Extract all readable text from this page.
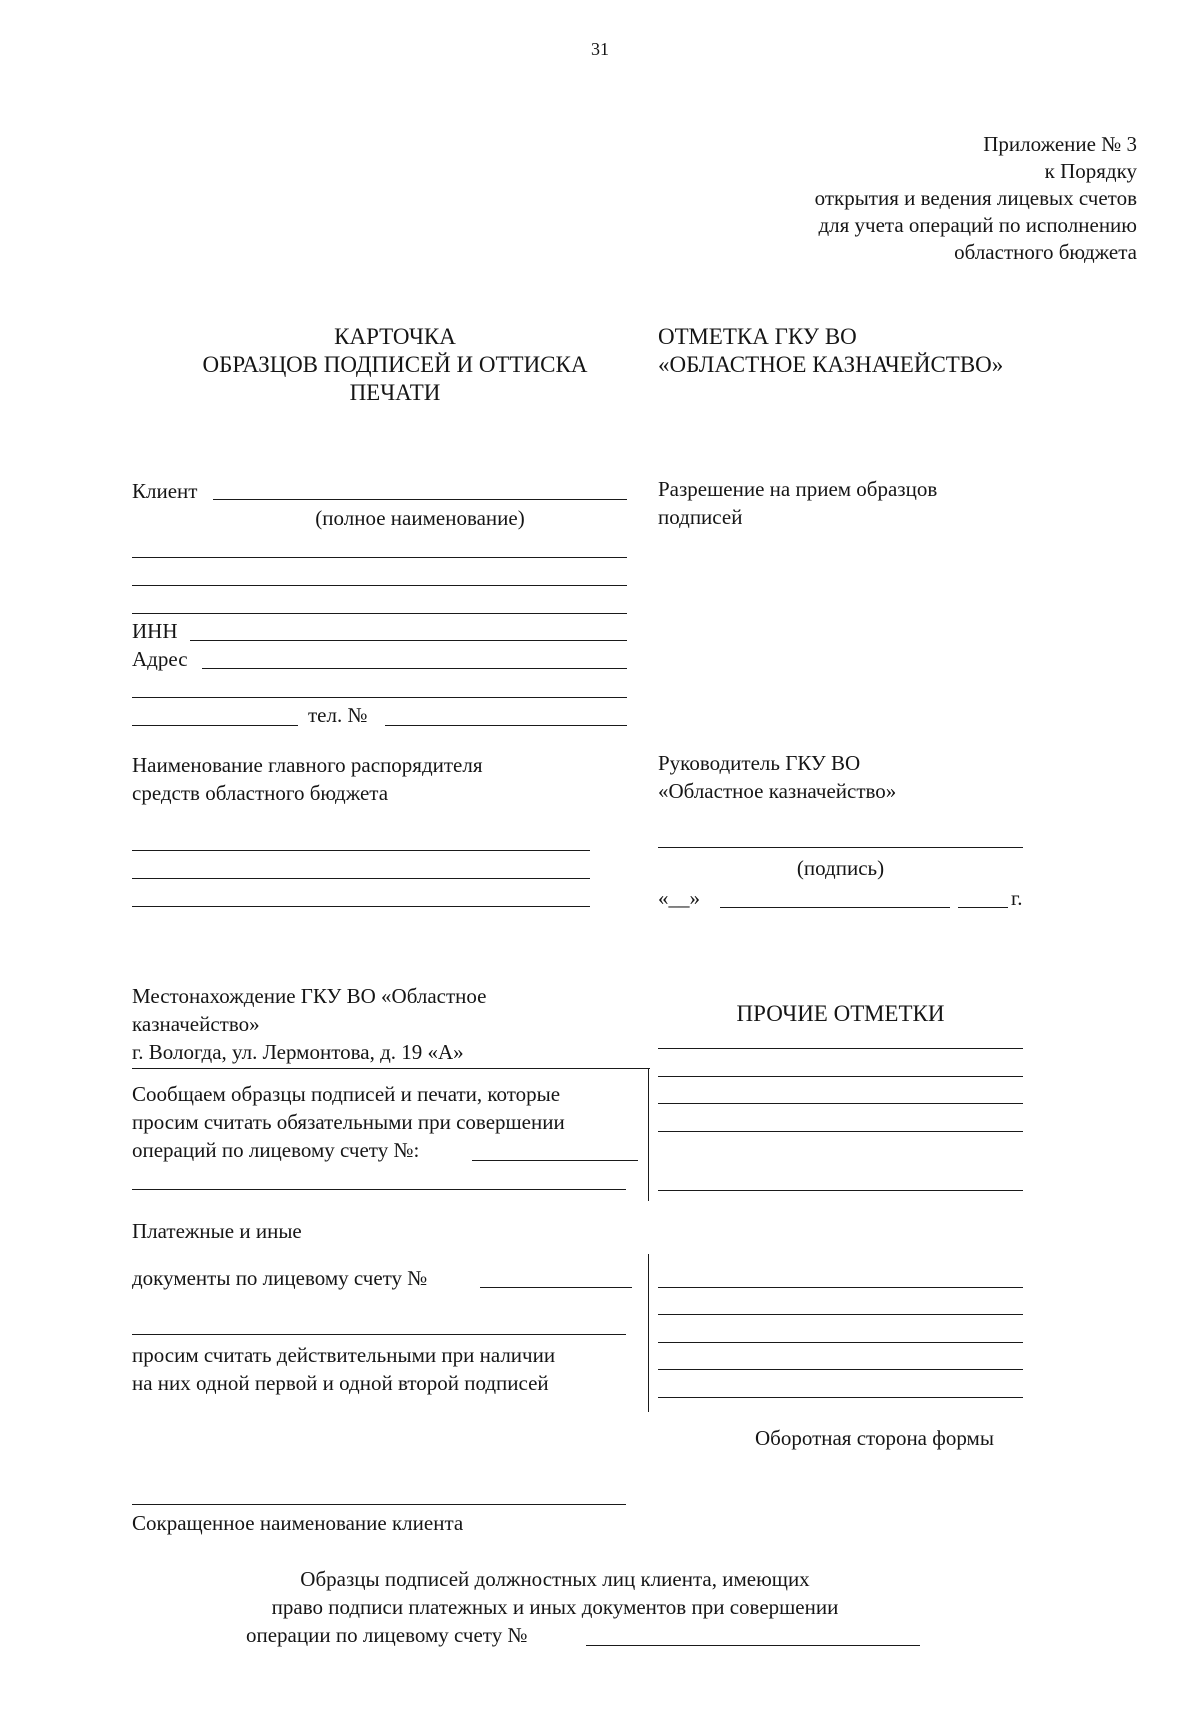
31
Приложение № 3
к Порядку
открытия и ведения лицевых счетов
для учета операций по исполнению
областного бюджета
КАРТОЧКА
ОБРАЗЦОВ ПОДПИСЕЙ И ОТТИСКА
ПЕЧАТИ
ОТМЕТКА ГКУ ВО
«ОБЛАСТНОЕ КАЗНАЧЕЙСТВО»
Клиент
(полное наименование)
ИНН
Адрес
тел. №
Разрешение на прием образцов
подписей
Наименование главного распорядителя
средств областного бюджета
Руководитель ГКУ ВО
«Областное казначейство»
(подпись)
«__»	г.
Местонахождение ГКУ ВО «Областное
казначейство»
г. Вологда, ул. Лермонтова, д. 19 «А»
ПРОЧИЕ ОТМЕТКИ
Сообщаем образцы подписей и печати, которые
просим считать обязательными при совершении
операций по лицевому счету №:
Платежные и иные
документы по лицевому счету №
просим считать действительными при наличии
на них одной первой и одной второй подписей
Оборотная сторона формы
Сокращенное наименование клиента
Образцы подписей должностных лиц клиента, имеющих
право подписи платежных и иных документов при совершении
операции по лицевому счету №
